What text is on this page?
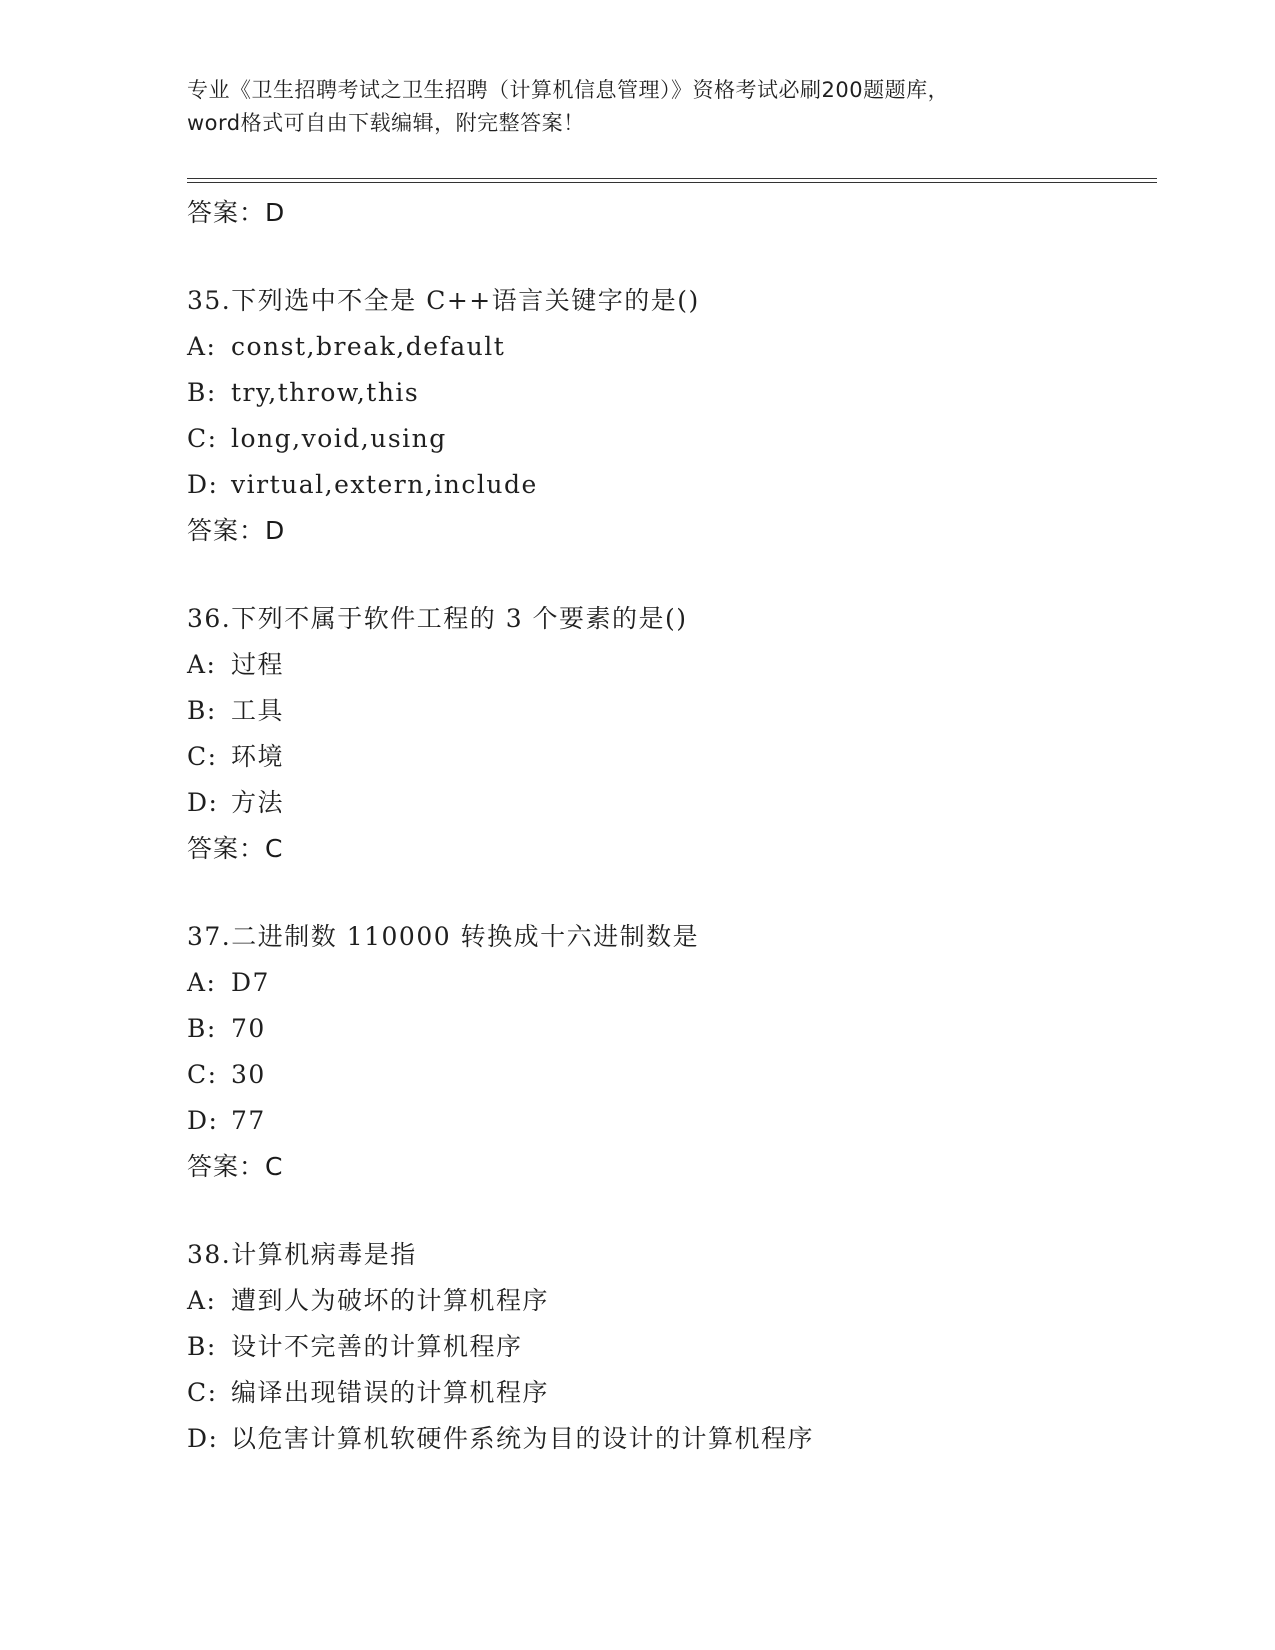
专业《卫生招聘考试之卫生招聘（计算机信息管理）》资格考试必刷200题题库，
word格式可自由下载编辑，附完整答案！
答案：D
35.下列选中不全是 C++语言关键字的是()
A: const,break,default
B: try,throw,this
C: long,void,using
D: virtual,extern,include
答案：D
36.下列不属于软件工程的 3 个要素的是()
A: 过程
B: 工具
C: 环境
D: 方法
答案：C
37.二进制数 110000 转换成十六进制数是
A: D7
B: 70
C: 30
D: 77
答案：C
38.计算机病毒是指
A: 遭到人为破坏的计算机程序
B: 设计不完善的计算机程序
C: 编译出现错误的计算机程序
D: 以危害计算机软硬件系统为目的设计的计算机程序
